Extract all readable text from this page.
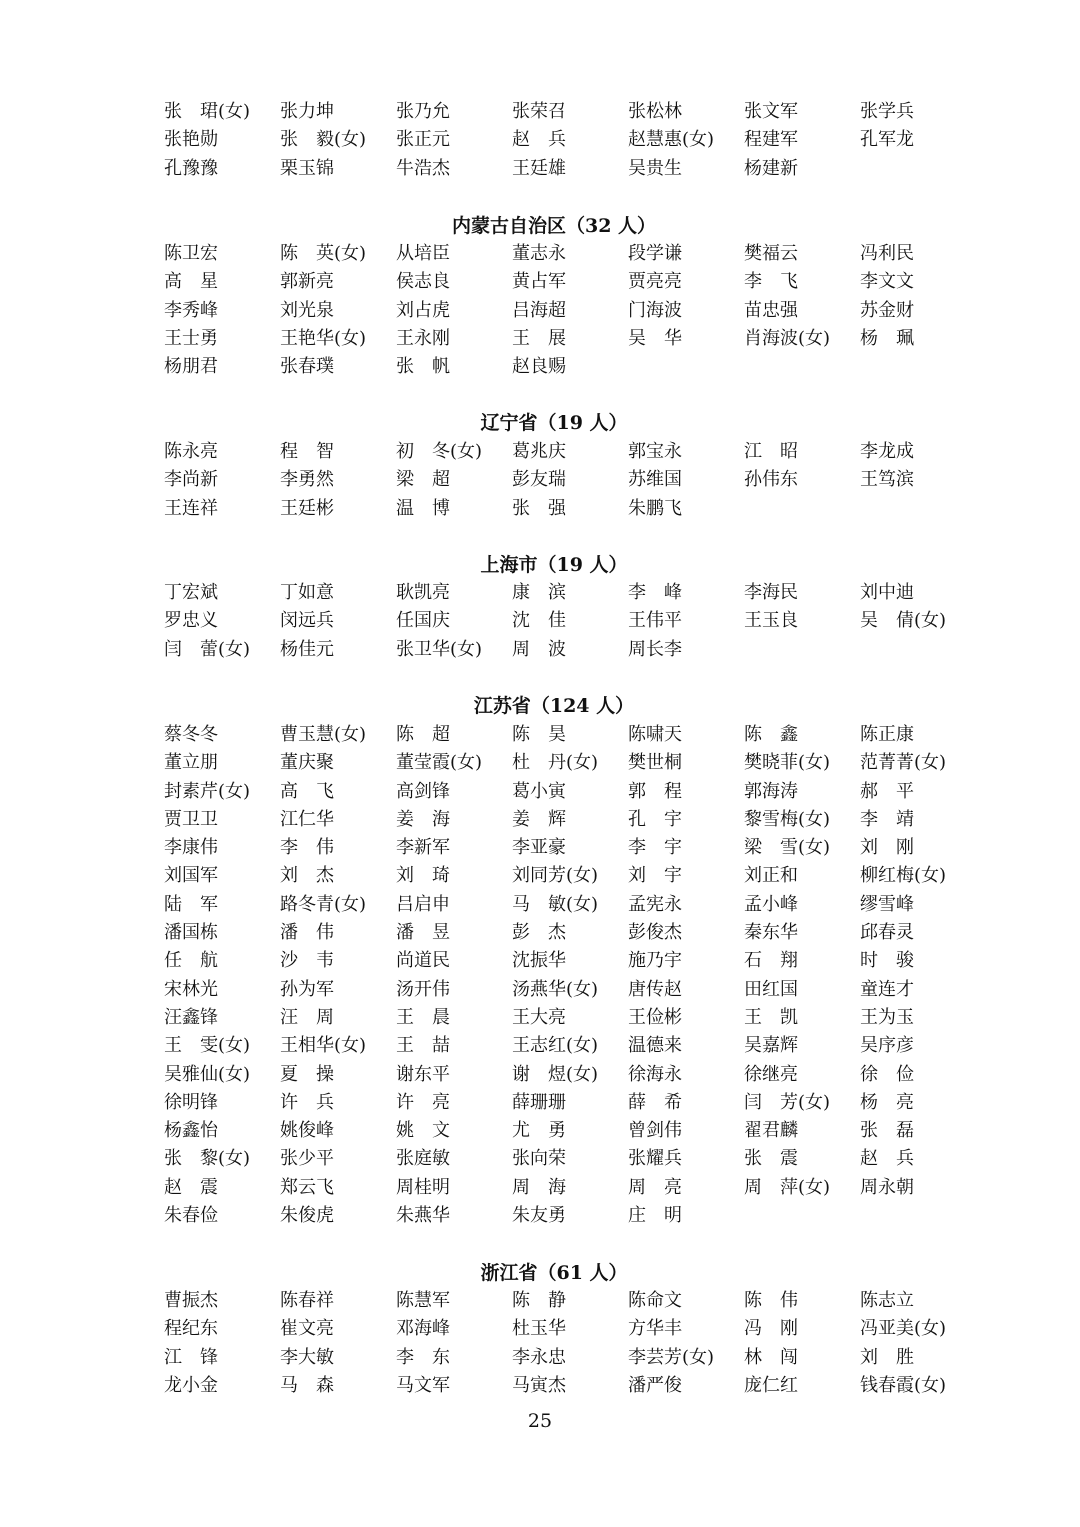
张　珺(女)	张力坤	张乃允	张荣召	张松林	张文军	张学兵
张艳勋	张　毅(女)	张正元	赵　兵	赵慧惠(女)	程建军	孔军龙
孔豫豫	栗玉锦	牛浩杰	王廷雄	吴贵生	杨建新
内蒙古自治区（32 人）
陈卫宏	陈　英(女)	从培臣	董志永	段学谦	樊福云	冯利民
高　星	郭新亮	侯志良	黄占军	贾亮亮	李　飞	李文文
李秀峰	刘光泉	刘占虎	吕海超	门海波	苗忠强	苏金财
王士勇	王艳华(女)	王永刚	王　展	吴　华	肖海波(女)	杨　珮
杨朋君	张春璞	张　帆	赵良赐
辽宁省（19 人）
陈永亮	程　智	初　冬(女)	葛兆庆	郭宝永	江　昭	李龙成
李尚新	李勇然	梁　超	彭友瑞	苏维国	孙伟东	王笃滨
王连祥	王廷彬	温　博	张　强	朱鹏飞
上海市（19 人）
丁宏斌	丁如意	耿凯亮	康　滨	李　峰	李海民	刘中迪
罗忠义	闵远兵	任国庆	沈　佳	王伟平	王玉良	吴　倩(女)
闫　蕾(女)	杨佳元	张卫华(女)	周　波	周长李
江苏省（124 人）
蔡冬冬	曹玉慧(女)	陈　超	陈　昊	陈啸天	陈　鑫	陈正康
董立朋	董庆聚	董莹霞(女)	杜　丹(女)	樊世桐	樊晓菲(女)	范菁菁(女)
封素芹(女)	高　飞	高剑锋	葛小寅	郭　程	郭海涛	郝　平
贾卫卫	江仁华	姜　海	姜　辉	孔　宇	黎雪梅(女)	李　靖
李康伟	李　伟	李新军	李亚豪	李　宇	梁　雪(女)	刘　刚
刘国军	刘　杰	刘　琦	刘同芳(女)	刘　宇	刘正和	柳红梅(女)
陆　军	路冬青(女)	吕启申	马　敏(女)	孟宪永	孟小峰	缪雪峰
潘国栋	潘　伟	潘　昱	彭　杰	彭俊杰	秦东华	邱春灵
任　航	沙　韦	尚道民	沈振华	施乃宇	石　翔	时　骏
宋林光	孙为军	汤开伟	汤燕华(女)	唐传赵	田红国	童连才
汪鑫锋	汪　周	王　晨	王大亮	王俭彬	王　凯	王为玉
王　雯(女)	王相华(女)	王　喆	王志红(女)	温德来	吴嘉辉	吴序彦
吴雅仙(女)	夏　操	谢东平	谢　煜(女)	徐海永	徐继亮	徐　俭
徐明锋	许　兵	许　亮	薛珊珊	薛　希	闫　芳(女)	杨　亮
杨鑫怡	姚俊峰	姚　文	尤　勇	曾剑伟	翟君麟	张　磊
张　黎(女)	张少平	张庭敏	张向荣	张耀兵	张　震	赵　兵
赵　震	郑云飞	周桂明	周　海	周　亮	周　萍(女)	周永朝
朱春俭	朱俊虎	朱燕华	朱友勇	庄　明
浙江省（61 人）
曹振杰	陈春祥	陈慧军	陈　静	陈命文	陈　伟	陈志立
程纪东	崔文亮	邓海峰	杜玉华	方华丰	冯　刚	冯亚美(女)
江　锋	李大敏	李　东	李永忠	李芸芳(女)	林　闯	刘　胜
龙小金	马　森	马文军	马寅杰	潘严俊	庞仁红	钱春霞(女)
25
